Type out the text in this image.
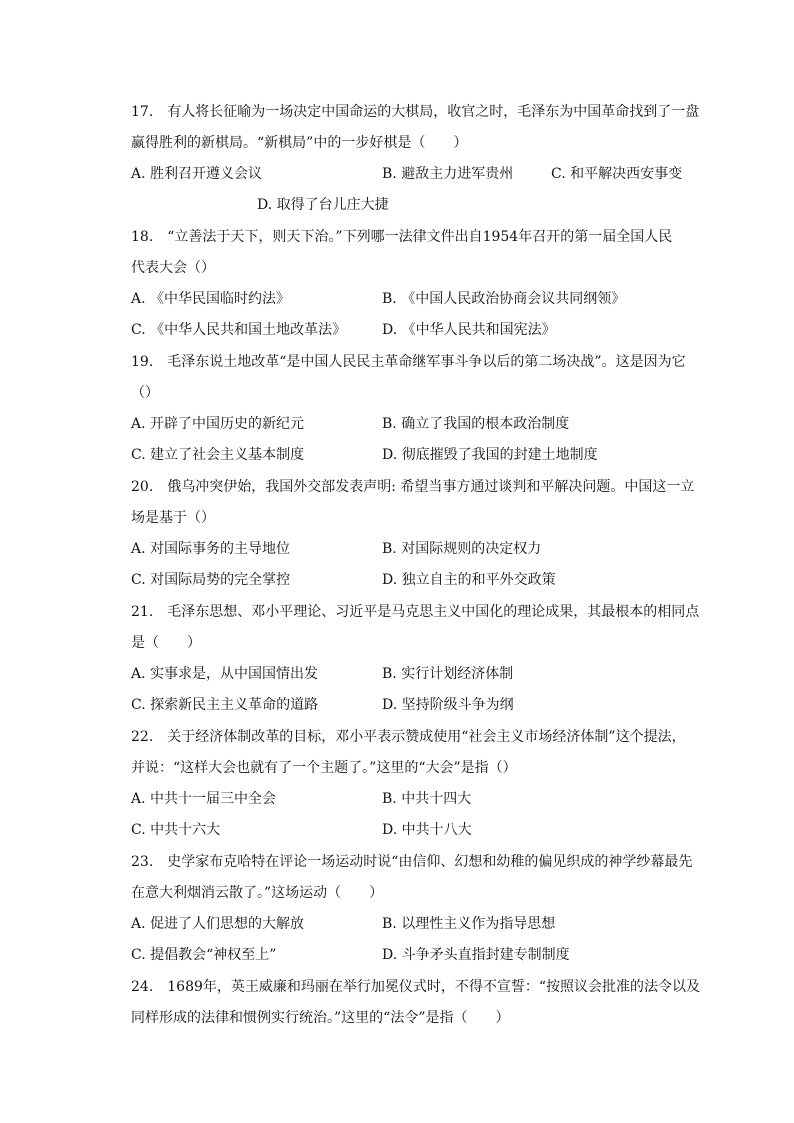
17.　有人将长征喻为一场决定中国命运的大棋局，收官之时，毛泽东为中国革命找到了一盘
赢得胜利的新棋局。“新棋局”中的一步好棋是（　　）
A. 胜利召开遵义会议	B. 避敌主力进军贵州	C. 和平解决西安事变
D. 取得了台儿庄大捷
18.　“立善法于天下，则天下治。”下列哪一法律文件出自1954年召开的第一届全国人民
代表大会（）
A. 《中华民国临时约法》	B. 《中国人民政治协商会议共同纲领》
C. 《中华人民共和国土地改革法》	D. 《中华人民共和国宪法》
19.　毛泽东说土地改革“是中国人民民主革命继军事斗争以后的第二场决战”。这是因为它
（）
A. 开辟了中国历史的新纪元	B. 确立了我国的根本政治制度
C. 建立了社会主义基本制度	D. 彻底摧毁了我国的封建土地制度
20.　俄乌冲突伊始，我国外交部发表声明: 希望当事方通过谈判和平解决问题。中国这一立
场是基于（）
A. 对国际事务的主导地位	B. 对国际规则的决定权力
C. 对国际局势的完全掌控	D. 独立自主的和平外交政策
21.　毛泽东思想、邓小平理论、习近平是马克思主义中国化的理论成果，其最根本的相同点
是（　　）
A. 实事求是，从中国国情出发	B. 实行计划经济体制
C. 探索新民主主义革命的道路	D. 坚持阶级斗争为纲
22.　关于经济体制改革的目标，邓小平表示赞成使用“社会主义市场经济体制”这个提法，
并说：“这样大会也就有了一个主题了。”这里的“大会”是指（）
A. 中共十一届三中全会	B. 中共十四大
C. 中共十六大	D. 中共十八大
23.　史学家布克哈特在评论一场运动时说“由信仰、幻想和幼稚的偏见织成的神学纱幕最先
在意大利烟消云散了。”这场运动（　　）
A. 促进了人们思想的大解放	B. 以理性主义作为指导思想
C. 提倡教会“神权至上”	D. 斗争矛头直指封建专制制度
24.　1689年，英王威廉和玛丽在举行加冕仪式时，不得不宣誓：“按照议会批准的法令以及
同样形成的法律和惯例实行统治。”这里的“法令”是指（　　）
